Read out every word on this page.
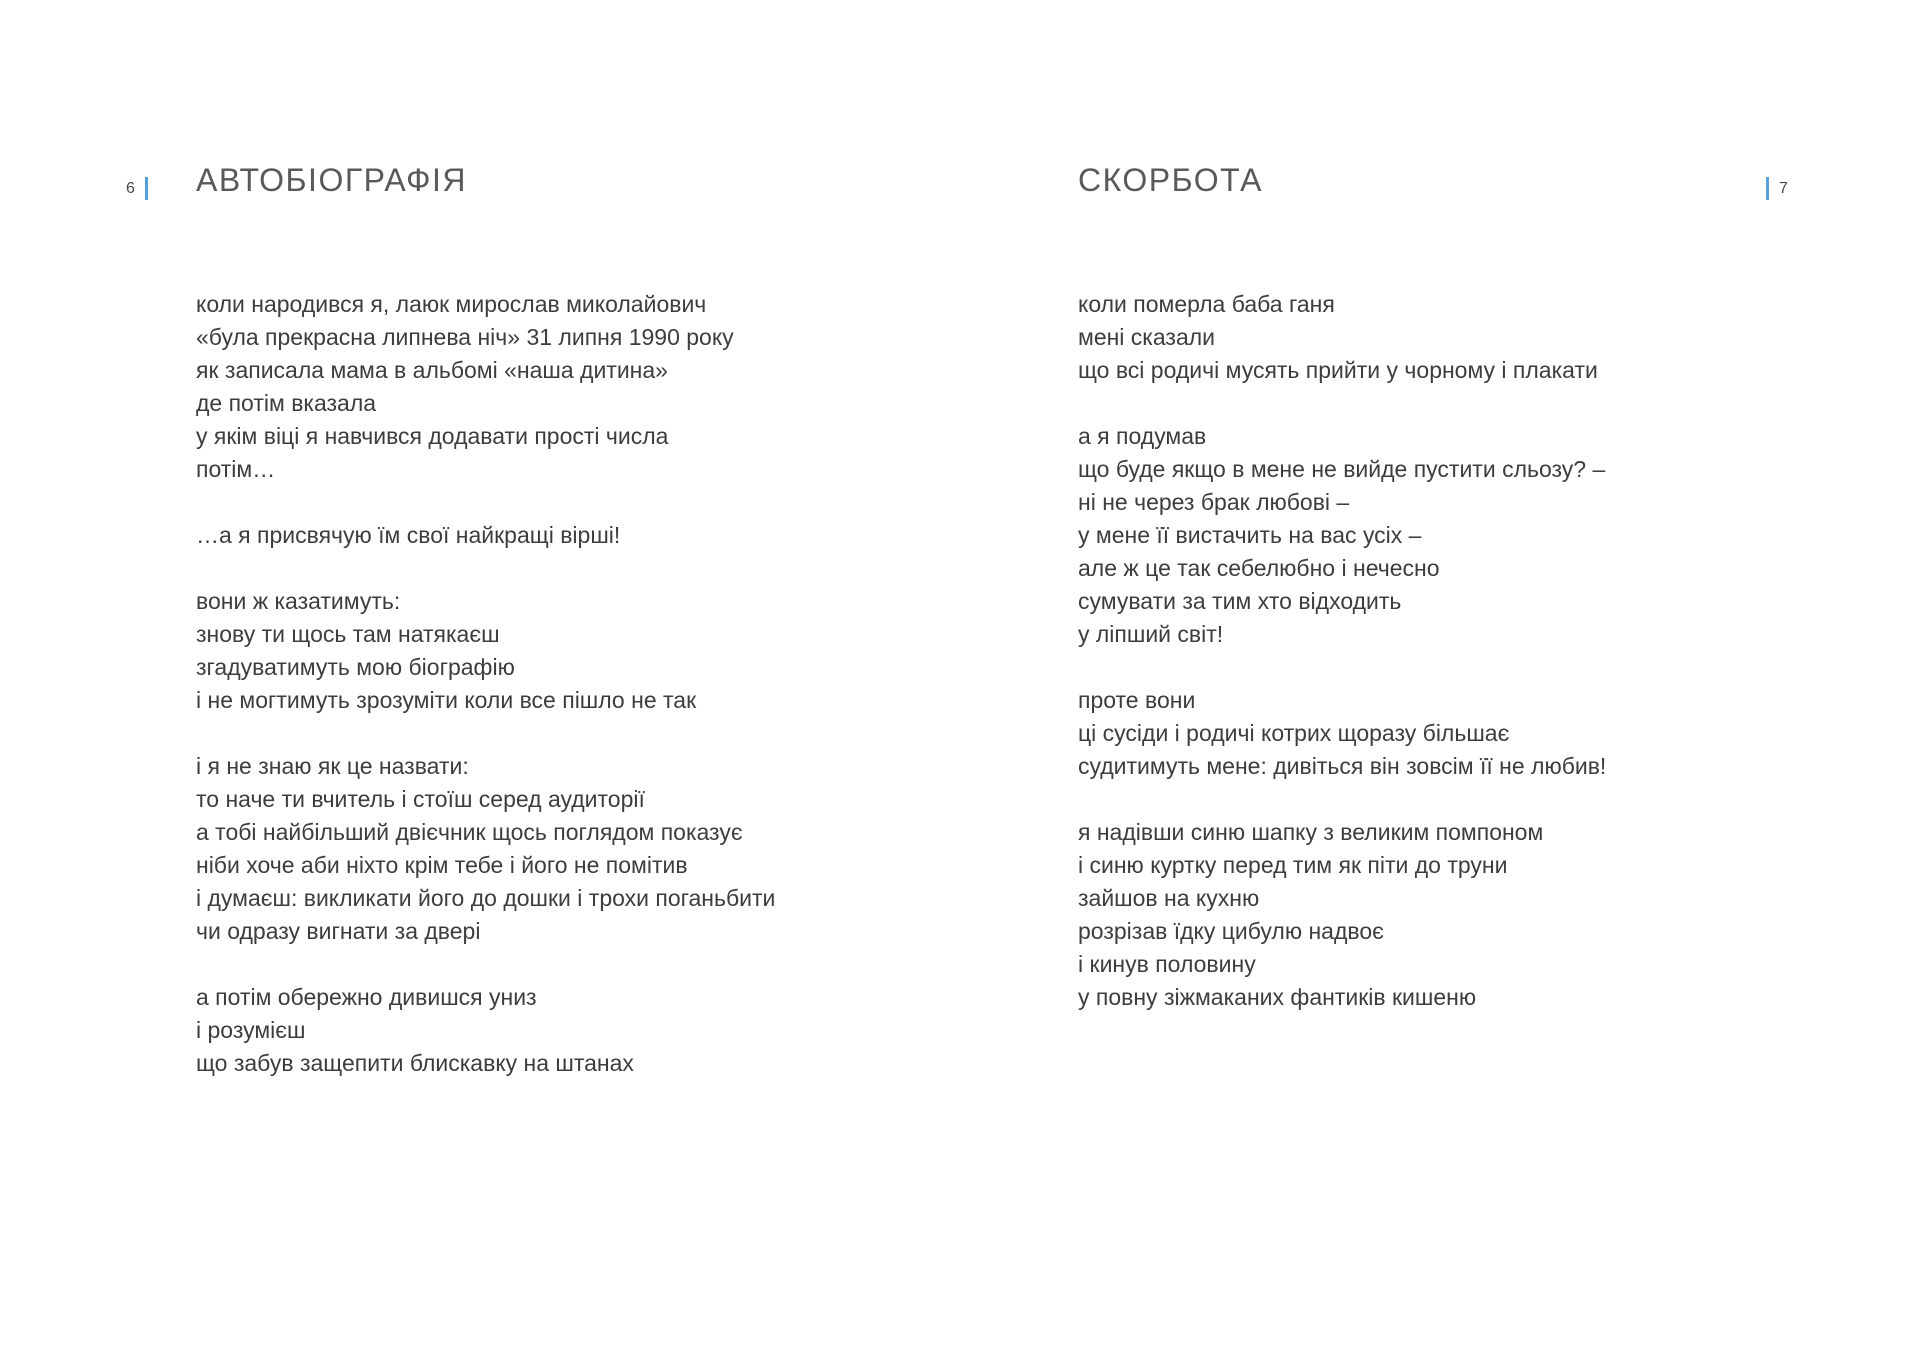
6 АВТОБІОГРАФІЯ
коли народився я, лаюк мирослав миколайович
«була прекрасна липнева ніч» 31 липня 1990 року
як записала мама в альбомі «наша дитина»
де потім вказала
у якім віці я навчився додавати прості числа
потім…
…а я присвячую їм свої найкращі вірші!
вони ж казатимуть:
знову ти щось там натякаєш
згадуватимуть мою біографію
і не могтимуть зрозуміти коли все пішло не так
і я не знаю як це назвати:
то наче ти вчитель і стоїш серед аудиторії
а тобі найбільший двієчник щось поглядом показує
ніби хоче аби ніхто крім тебе і його не помітив
і думаєш: викликати його до дошки і трохи поганьбити
чи одразу вигнати за двері
а потім обережно дивишся униз
і розумієш
що забув защепити блискавку на штанах
СКОРБОТА	7
коли померла баба ганя
мені сказали
що всі родичі мусять прийти у чорному і плакати
а я подумав
що буде якщо в мене не вийде пустити сльозу? –
ні не через брак любові –
у мене її вистачить на вас усіх –
але ж це так себелюбно і нечесно
сумувати за тим хто відходить
у ліпший світ!
проте вони
ці сусіди і родичі котрих щоразу більшає
судитимуть мене: дивіться він зовсім її не любив!
я надівши синю шапку з великим помпоном
і синю куртку перед тим як піти до труни
зайшов на кухню
розрізав їдку цибулю надвоє
і кинув половину
у повну зіжмаканих фантиків кишеню
